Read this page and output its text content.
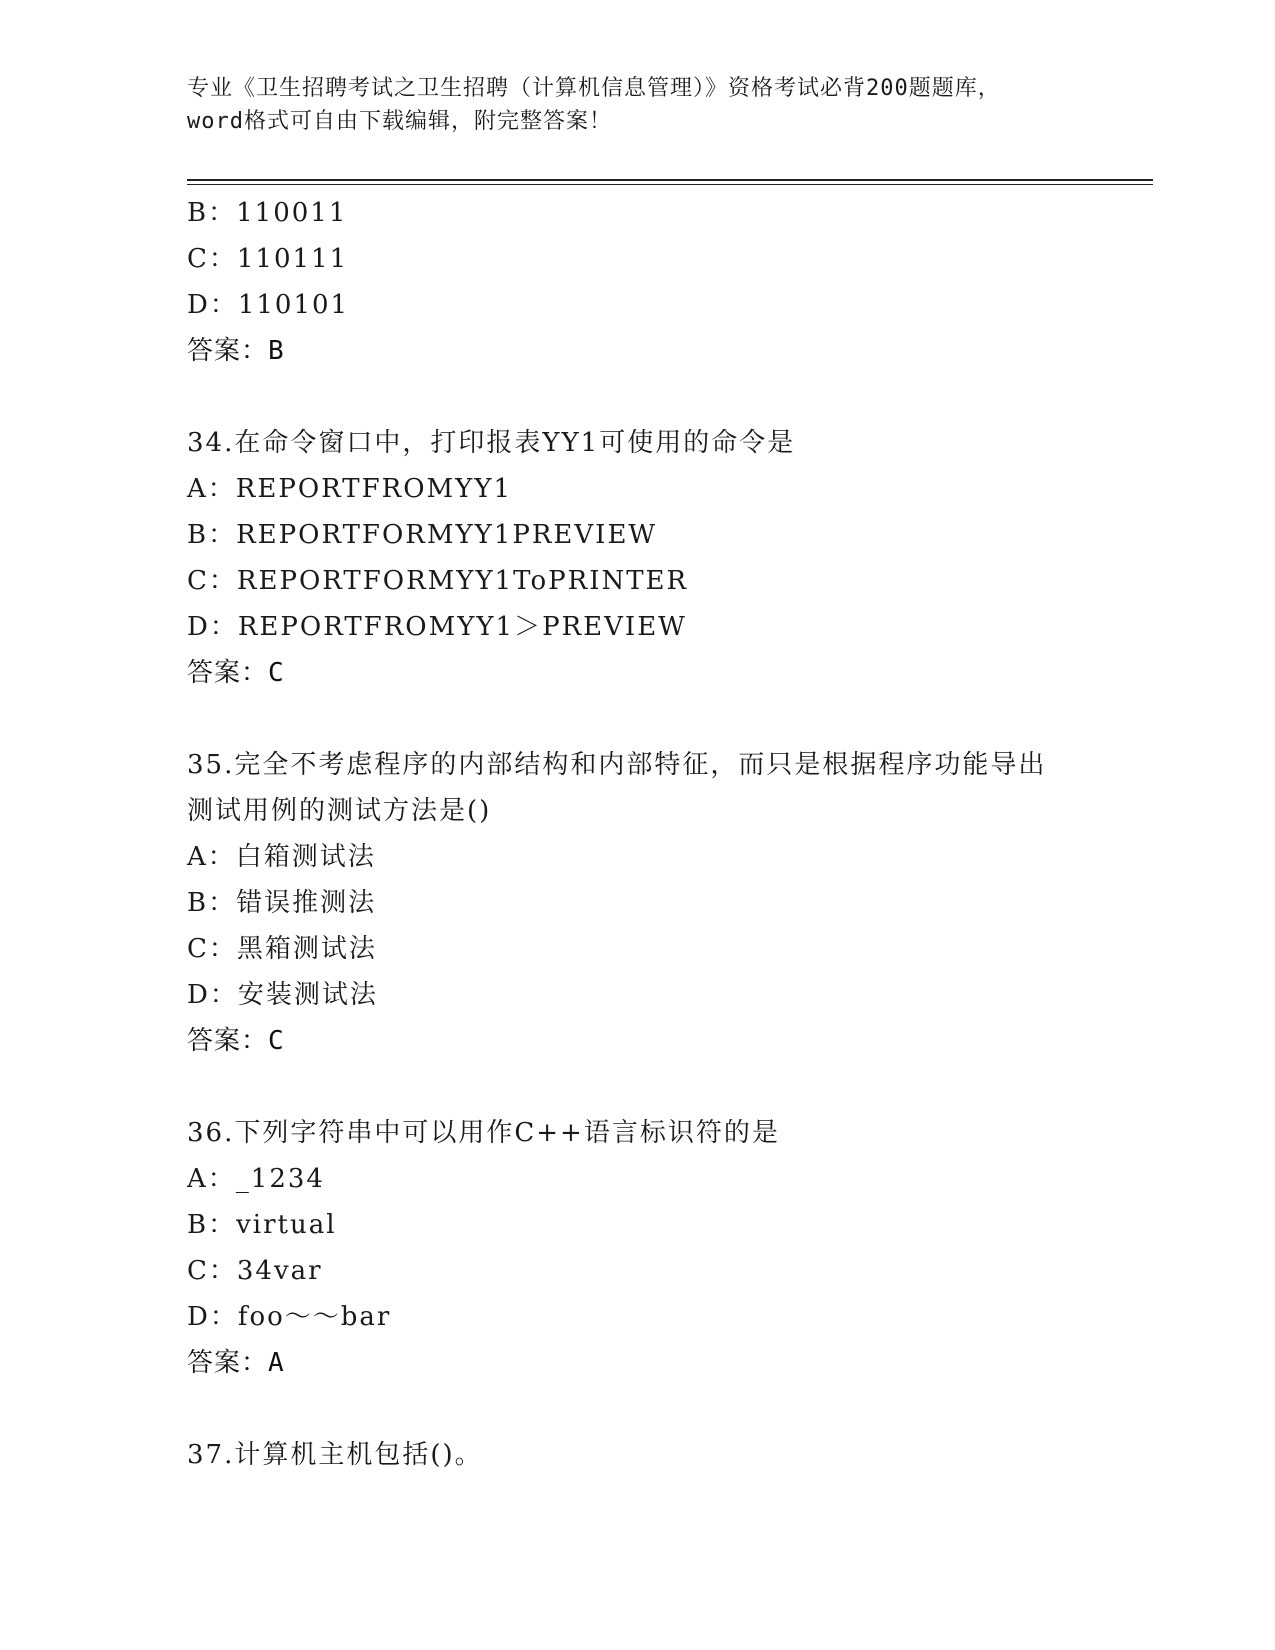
专业《卫生招聘考试之卫生招聘（计算机信息管理）》资格考试必背200题题库，
word格式可自由下载编辑，附完整答案！
B：110011
C：110111
D：110101
答案：B
34.在命令窗口中，打印报表YY1可使用的命令是
A：REPORTFROMYY1
B：REPORTFORMYY1PREVIEW
C：REPORTFORMYY1ToPRINTER
D：REPORTFROMYY1＞PREVIEW
答案：C
35.完全不考虑程序的内部结构和内部特征，而只是根据程序功能导出
测试用例的测试方法是()
A：白箱测试法
B：错误推测法
C：黑箱测试法
D：安装测试法
答案：C
36.下列字符串中可以用作C++语言标识符的是
A：_1234
B：virtual
C：34var
D：foo～～bar
答案：A
37.计算机主机包括()。
